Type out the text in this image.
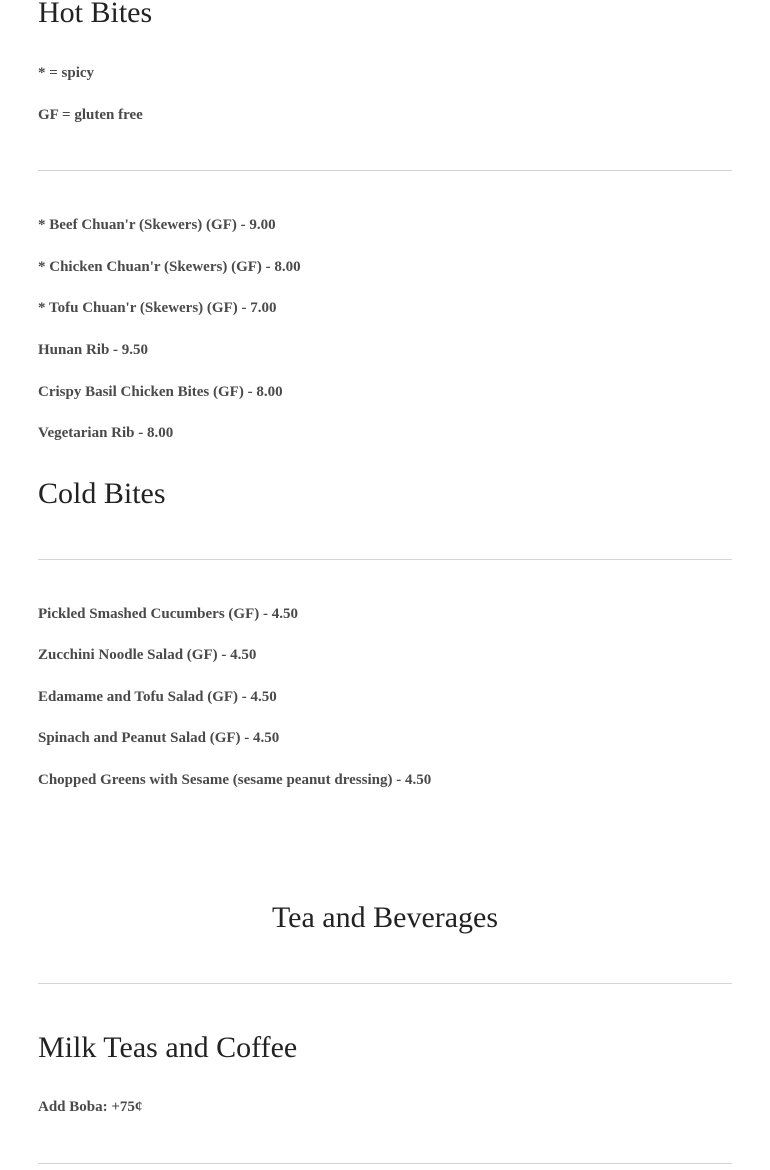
Hot Bites
* = spicy
GF = gluten free
* Beef Chuan'r (Skewers) (GF) - 9.00
* Chicken Chuan'r (Skewers) (GF) - 8.00
* Tofu Chuan'r (Skewers) (GF) - 7.00
Hunan Rib - 9.50
Crispy Basil Chicken Bites (GF) - 8.00
Vegetarian Rib - 8.00
Cold Bites
Pickled Smashed Cucumbers (GF) - 4.50
Zucchini Noodle Salad (GF) - 4.50
Edamame and Tofu Salad (GF) - 4.50
Spinach and Peanut Salad (GF) - 4.50
Chopped Greens with Sesame (sesame peanut dressing) - 4.50
Tea and Beverages
Milk Teas and Coffee
Add Boba: +75¢
